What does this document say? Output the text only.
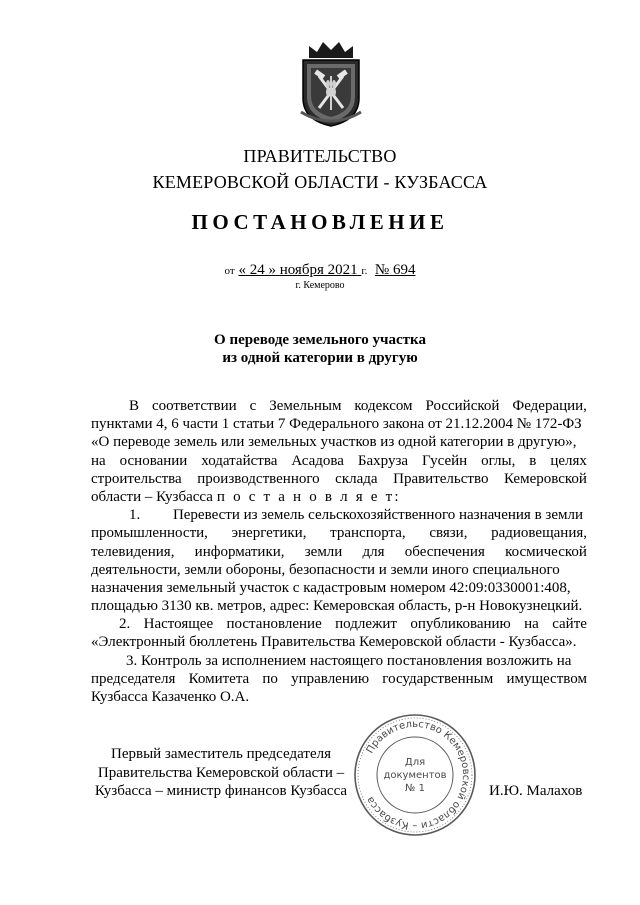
ПРАВИТЕЛЬСТВО
КЕМЕРОВСКОЙ ОБЛАСТИ - КУЗБАССА
ПОСТАНОВЛЕНИЕ
от « 24 » ноября 2021 г. № 694
г. Кемерово
О переводе земельного участка
из одной категории в другую
В соответствии с Земельным кодексом Российской Федерации,
пунктами 4, 6 части 1 статьи 7 Федерального закона от 21.12.2004 № 172-ФЗ
«О переводе земель или земельных участков из одной категории в другую»,
на основании ходатайства Асадова Бахруза Гусейн оглы, в целях
строительства производственного склада Правительство Кемеровской
области – Кузбасса п о с т а н о в л я е т:
1.	Перевести из земель сельскохозяйственного назначения в земли
промышленности, энергетики, транспорта, связи, радиовещания,
телевидения, информатики, земли для обеспечения космической
деятельности, земли обороны, безопасности и земли иного специального
назначения земельный участок с кадастровым номером 42:09:0330001:408,
площадью 3130 кв. метров, адрес: Кемеровская область, р-н Новокузнецкий.
2. Настоящее постановление подлежит опубликованию на сайте
«Электронный бюллетень Правительства Кемеровской области - Кузбасса».
3. Контроль за исполнением настоящего постановления возложить на
председателя Комитета по управлению государственным имуществом
Кузбасса Казаченко О.А.
Первый заместитель председателя
Правительства Кемеровской области –
Кузбасса – министр финансов Кузбасса
Правительство Кемеровской области – Кузбасса
Для
документов
№ 1	И.Ю. Малахов
